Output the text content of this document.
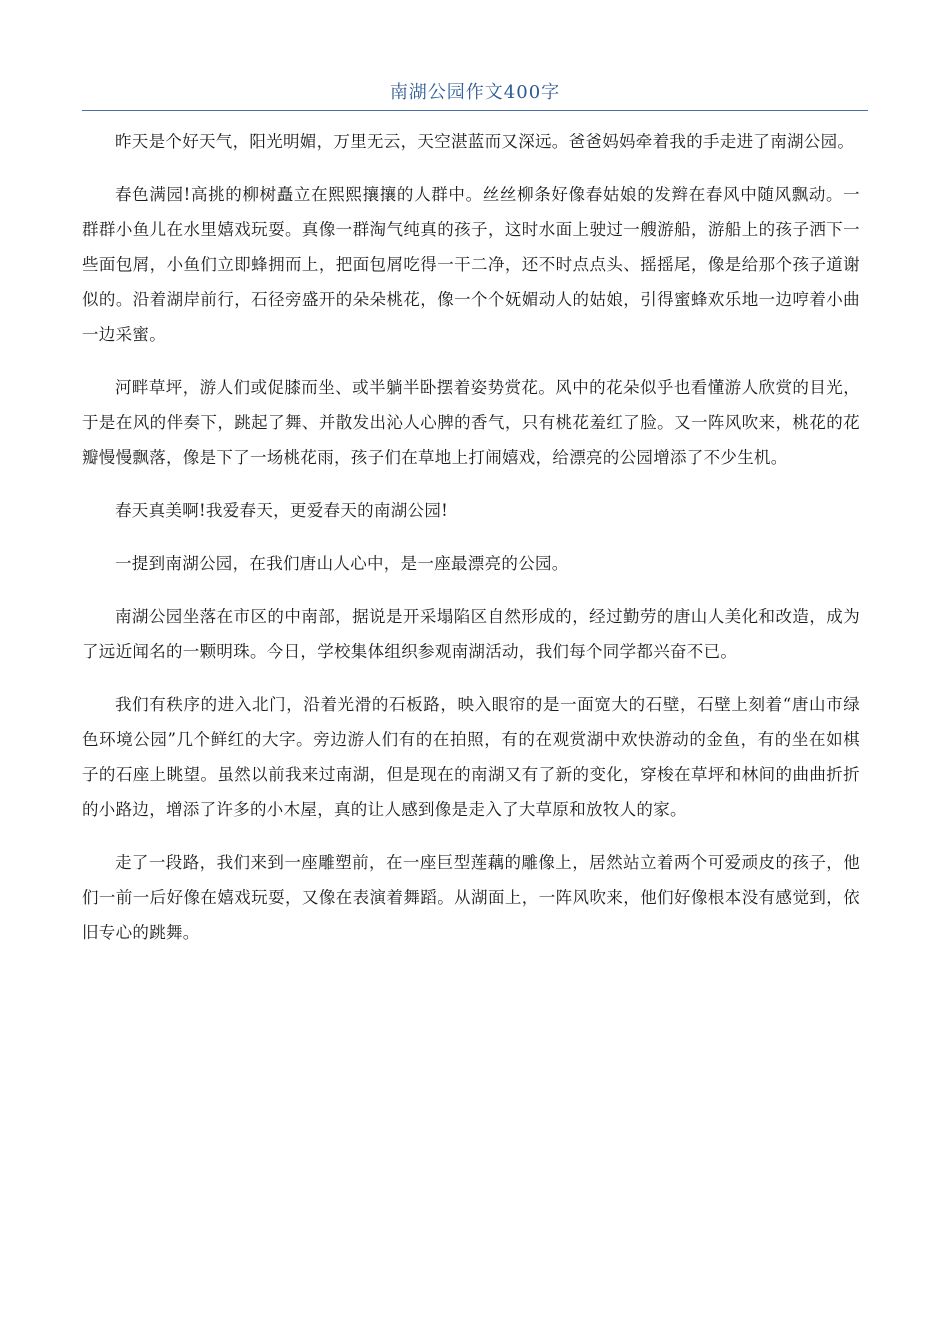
南湖公园作文400字

昨天是个好天气，阳光明媚，万里无云，天空湛蓝而又深远。爸爸妈妈牵着我的手走进了南湖公园。

春色满园!高挑的柳树矗立在熙熙攘攘的人群中。丝丝柳条好像春姑娘的发辫在春风中随风飘动。一群群小鱼儿在水里嬉戏玩耍。真像一群淘气纯真的孩子，这时水面上驶过一艘游船，游船上的孩子洒下一些面包屑，小鱼们立即蜂拥而上，把面包屑吃得一干二净，还不时点点头、摇摇尾，像是给那个孩子道谢似的。沿着湖岸前行，石径旁盛开的朵朵桃花，像一个个妩媚动人的姑娘，引得蜜蜂欢乐地一边哼着小曲一边采蜜。

河畔草坪，游人们或促膝而坐、或半躺半卧摆着姿势赏花。风中的花朵似乎也看懂游人欣赏的目光，于是在风的伴奏下，跳起了舞、并散发出沁人心脾的香气，只有桃花羞红了脸。又一阵风吹来，桃花的花瓣慢慢飘落，像是下了一场桃花雨，孩子们在草地上打闹嬉戏，给漂亮的公园增添了不少生机。

春天真美啊!我爱春天，更爱春天的南湖公园!

一提到南湖公园，在我们唐山人心中，是一座最漂亮的公园。

南湖公园坐落在市区的中南部，据说是开采塌陷区自然形成的，经过勤劳的唐山人美化和改造，成为了远近闻名的一颗明珠。今日，学校集体组织参观南湖活动，我们每个同学都兴奋不已。

我们有秩序的进入北门，沿着光滑的石板路，映入眼帘的是一面宽大的石壁，石壁上刻着“唐山市绿色环境公园”几个鲜红的大字。旁边游人们有的在拍照，有的在观赏湖中欢快游动的金鱼，有的坐在如棋子的石座上眺望。虽然以前我来过南湖，但是现在的南湖又有了新的变化，穿梭在草坪和林间的曲曲折折的小路边，增添了许多的小木屋，真的让人感到像是走入了大草原和放牧人的家。

走了一段路，我们来到一座雕塑前，在一座巨型莲藕的雕像上，居然站立着两个可爱顽皮的孩子，他们一前一后好像在嬉戏玩耍，又像在表演着舞蹈。从湖面上，一阵风吹来，他们好像根本没有感觉到，依旧专心的跳舞。
